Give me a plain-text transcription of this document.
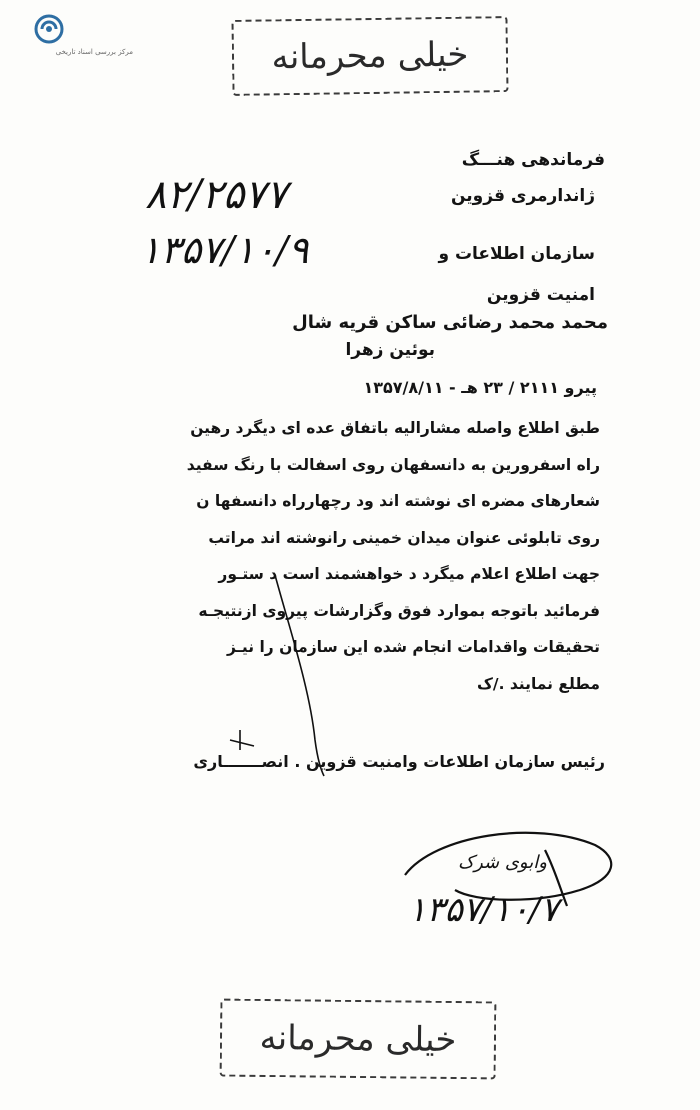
مرکز بررسی اسناد تاریخی	خیلی محرمانه
فرماندهی هنـــگ
ژاندارمری قزوین
سازمان اطلاعات و
امنیت قزوین
۸۲/۲۵۷۷
۱۳۵۷/۱۰/۹
محمد محمد رضائی ساکن قریه شال
بوئین زهرا
پیرو ۲۱۱۱ / ۲۳ هـ - ۱۳۵۷/۸/۱۱
طبق اطلاع واصله مشارالیه باتفاق عده ای دیگرد رهین
راه اسفرورین به دانسفهان روی اسفالت با رنگ سفید
شعارهای مضره ای نوشته اند ود رچهارراه دانسفها ن
روی تابلوئی عنوان میدان خمینی رانوشته اند مراتب
جهت اطلاع اعلام میگرد د خواهشمند است د ستـور
فرمائید باتوجه بموارد فوق وگزارشات پیروی ازنتیجـه
تحقیقات واقدامات انجام شده این سازمان را نیـز
مطلع نمایند ./ک
رئیس سازمان اطلاعات وامنیت قزوین . انصـــــــاری
وابوی شرک
۱۳۵۷/۱۰/۷
خیلی محرمانه
